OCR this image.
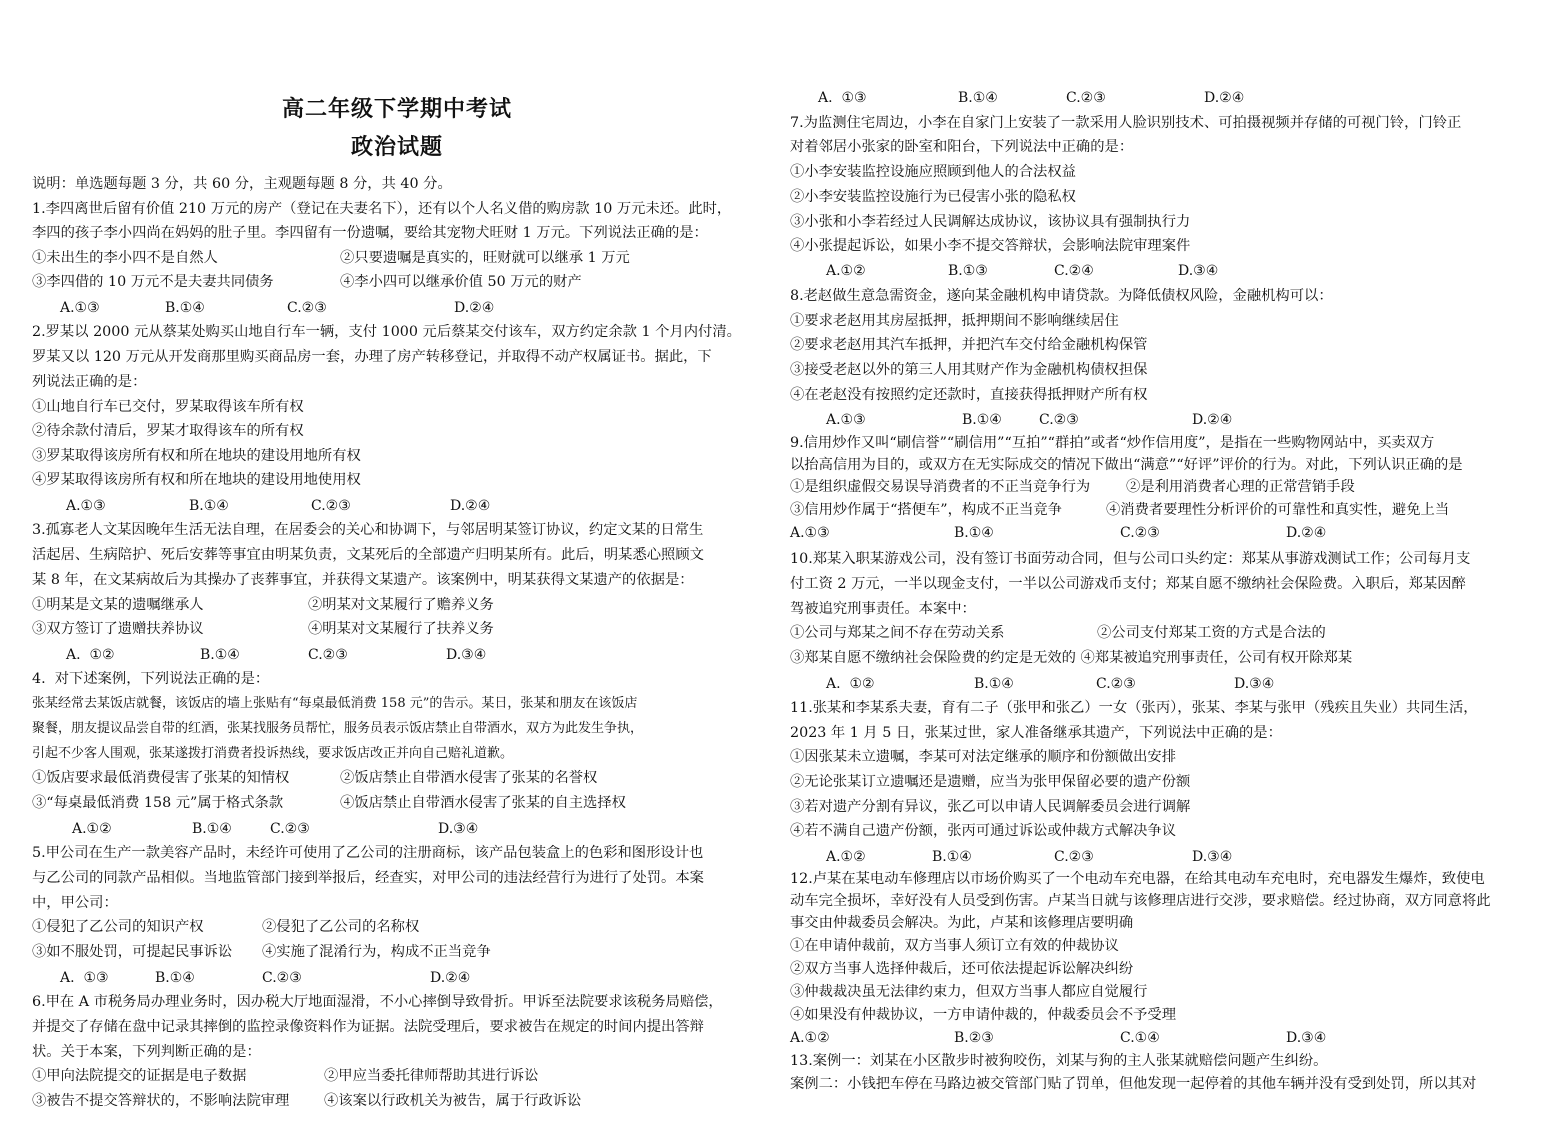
高二年级下学期中考试
政治试题
说明：单选题每题 3 分，共 60 分，主观题每题 8 分，共 40 分。
1.李四离世后留有价值 210 万元的房产（登记在夫妻名下），还有以个人名义借的购房款 10 万元未还。此时，
李四的孩子李小四尚在妈妈的肚子里。李四留有一份遗嘱，要给其宠物犬旺财 1 万元。下列说法正确的是：
①未出生的李小四不是自然人	②只要遗嘱是真实的，旺财就可以继承 1 万元
③李四借的 10 万元不是夫妻共同债务	④李小四可以继承价值 50 万元的财产

A.①③

	B.①④

	C.②③

	D.②④

2.罗某以 2000 元从蔡某处购买山地自行车一辆，支付 1000 元后蔡某交付该车，双方约定余款 1 个月内付清。
罗某又以 120 万元从开发商那里购买商品房一套，办理了房产转移登记，并取得不动产权属证书。据此，下
列说法正确的是：
①山地自行车已交付，罗某取得该车所有权
②待余款付清后，罗某才取得该车的所有权
③罗某取得该房所有权和所在地块的建设用地所有权
④罗某取得该房所有权和所在地块的建设用地使用权

A.①③

	B.①④

	C.②③

	D.②④

3.孤寡老人文某因晚年生活无法自理，在居委会的关心和协调下，与邻居明某签订协议，约定文某的日常生
活起居、生病陪护、死后安葬等事宜由明某负责，文某死后的全部遗产归明某所有。此后，明某悉心照顾文
某 8 年，在文某病故后为其操办了丧葬事宜，并获得文某遗产。该案例中，明某获得文某遗产的依据是：
①明某是文某的遗嘱继承人	②明某对文某履行了赡养义务
③双方签订了遗赠扶养协议	④明某对文某履行了扶养义务

A.  ①②

	B.①④

	C.②③

	D.③④

4.  对下述案例，下列说法正确的是：
张某经常去某饭店就餐，该饭店的墙上张贴有“每桌最低消费 158 元”的告示。某日，张某和朋友在该饭店
聚餐，朋友提议品尝自带的红酒，张某找服务员帮忙，服务员表示饭店禁止自带酒水，双方为此发生争执，
引起不少客人围观，张某遂拨打消费者投诉热线，要求饭店改正并向自己赔礼道歉。
①饭店要求最低消费侵害了张某的知情权	②饭店禁止自带酒水侵害了张某的名誉权
③“每桌最低消费 158 元”属于格式条款	④饭店禁止自带酒水侵害了张某的自主选择权

A.①②

	B.①④

	C.②③

	D.③④

5.甲公司在生产一款美容产品时，未经许可使用了乙公司的注册商标，该产品包装盒上的色彩和图形设计也
与乙公司的同款产品相似。当地监管部门接到举报后，经查实，对甲公司的违法经营行为进行了处罚。本案
中，甲公司：
①侵犯了乙公司的知识产权	②侵犯了乙公司的名称权
③如不服处罚，可提起民事诉讼 ④实施了混淆行为，构成不正当竞争

A.  ①③

	B.①④

	C.②③

	D.②④

6.甲在 A 市税务局办理业务时，因办税大厅地面湿滑，不小心摔倒导致骨折。甲诉至法院要求该税务局赔偿，
并提交了存储在盘中记录其摔倒的监控录像资料作为证据。法院受理后，要求被告在规定的时间内提出答辩
状。关于本案，下列判断正确的是：
①甲向法院提交的证据是电子数据	②甲应当委托律师帮助其进行诉讼
③被告不提交答辩状的，不影响法院审理 ④该案以行政机关为被告，属于行政诉讼

A.  ①③

	B.①④

	C.②③

	D.②④

7.为监测住宅周边，小李在自家门上安装了一款采用人脸识别技术、可拍摄视频并存储的可视门铃，门铃正
对着邻居小张家的卧室和阳台，下列说法中正确的是：
①小李安装监控设施应照顾到他人的合法权益
②小李安装监控设施行为已侵害小张的隐私权
③小张和小李若经过人民调解达成协议，该协议具有强制执行力
④小张提起诉讼，如果小李不提交答辩状，会影响法院审理案件

A.①②

	B.①③

	C.②④

	D.③④

8.老赵做生意急需资金，遂向某金融机构申请贷款。为降低债权风险，金融机构可以：
①要求老赵用其房屋抵押，抵押期间不影响继续居住
②要求老赵用其汽车抵押，并把汽车交付给金融机构保管
③接受老赵以外的第三人用其财产作为金融机构债权担保
④在老赵没有按照约定还款时，直接获得抵押财产所有权

A.①③

	B.①④

	C.②③

	D.②④

9.信用炒作又叫“刷信誉”“刷信用”“互拍”“群拍”或者“炒作信用度”，是指在一些购物网站中，买卖双方
以抬高信用为目的，或双方在无实际成交的情况下做出“满意”“好评”评价的行为。对此，下列认识正确的是
①是组织虚假交易误导消费者的不正当竞争行为	②是利用消费者心理的正常营销手段
③信用炒作属于“搭便车”，构成不正当竞争	④消费者要理性分析评价的可靠性和真实性，避免上当

A.①③

	B.①④

	C.②③

	D.②④

10.郑某入职某游戏公司，没有签订书面劳动合同，但与公司口头约定：郑某从事游戏测试工作；公司每月支
付工资 2 万元，一半以现金支付，一半以公司游戏币支付；郑某自愿不缴纳社会保险费。入职后，郑某因醉
驾被追究刑事责任。本案中：
①公司与郑某之间不存在劳动关系	②公司支付郑某工资的方式是合法的
③郑某自愿不缴纳社会保险费的约定是无效的 ④郑某被追究刑事责任，公司有权开除郑某

A.  ①②

	B.①④

	C.②③

	D.③④

11.张某和李某系夫妻，育有二子（张甲和张乙）一女（张丙），张某、李某与张甲（残疾且失业）共同生活，
2023 年 1 月 5 日，张某过世，家人准备继承其遗产，下列说法中正确的是：
①因张某未立遗嘱，李某可对法定继承的顺序和份额做出安排
②无论张某订立遗嘱还是遗赠，应当为张甲保留必要的遗产份额
③若对遗产分割有异议，张乙可以申请人民调解委员会进行调解
④若不满自己遗产份额，张丙可通过诉讼或仲裁方式解决争议

A.①②

	B.①④

	C.②③

	D.③④

12.卢某在某电动车修理店以市场价购买了一个电动车充电器，在给其电动车充电时，充电器发生爆炸，致使电
动车完全损坏，幸好没有人员受到伤害。卢某当日就与该修理店进行交涉，要求赔偿。经过协商，双方同意将此
事交由仲裁委员会解决。为此，卢某和该修理店要明确
①在申请仲裁前，双方当事人须订立有效的仲裁协议
②双方当事人选择仲裁后，还可依法提起诉讼解决纠纷
③仲裁裁决虽无法律约束力，但双方当事人都应自觉履行
④如果没有仲裁协议，一方申请仲裁的，仲裁委员会不予受理

A.①②

	B.②③

	C.①④

	D.③④

13.案例一：刘某在小区散步时被狗咬伤，刘某与狗的主人张某就赔偿问题产生纠纷。
案例二：小钱把车停在马路边被交管部门贴了罚单，但他发现一起停着的其他车辆并没有受到处罚，所以其对
